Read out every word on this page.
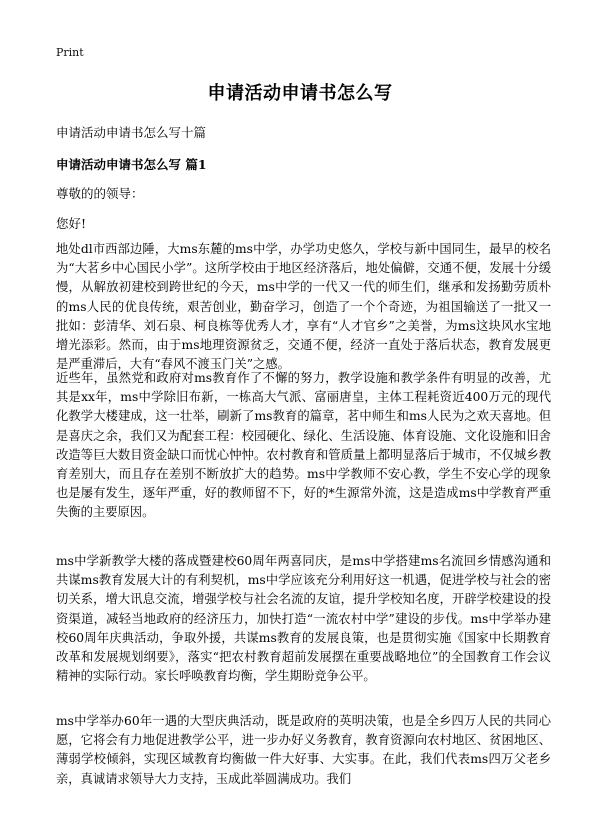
Print
申请活动申请书怎么写

申请活动申请书怎么写十篇

申请活动申请书怎么写 篇1

尊敬的的领导：

您好!

地处dl市西部边陲，大ms东麓的ms中学，办学功史悠久，学校与新中国同生，最早的校名为“大茗乡中心国民小学”。这所学校由于地区经济落后，地处偏僻，交通不便，发展十分缓慢，从解放初建校到跨世纪的今天，ms中学的一代又一代的师生们，继承和发扬勤劳质朴的ms人民的优良传统，艰苦创业，勤奋学习，创造了一个个奇迹，为祖国输送了一批又一批如：彭清华、刘石泉、柯良栋等优秀人才，享有“人才官乡”之美誉，为ms这块风水宝地增光添彩。然而，由于ms地理资源贫乏，交通不便，经济一直处于落后状态，教育发展更是严重滞后，大有“春风不渡玉门关”之感。

近些年，虽然党和政府对ms教育作了不懈的努力，教学设施和教学条件有明显的改善，尤其是xx年，ms中学除旧布新，一栋高大气派、富丽唐皇，主体工程耗资近400万元的现代化教学大楼建成，这一壮举，刷新了ms教育的篇章，茗中师生和ms人民为之欢天喜地。但是喜庆之余，我们又为配套工程：校园硬化、绿化、生活设施、体育设施、文化设施和旧舍改造等巨大数目资金缺口而忧心忡忡。农村教育和管质量上都明显落后于城市，不仅城乡教育差别大，而且存在差别不断放扩大的趋势。ms中学教师不安心教，学生不安心学的现象也是屡有发生，逐年严重，好的教师留不下，好的*生源常外流，这是造成ms中学教育严重失衡的主要原因。

ms中学新教学大楼的落成暨建校60周年两喜同庆，是ms中学搭建ms名流回乡情感沟通和共谋ms教育发展大计的有利契机，ms中学应该充分利用好这一机遇，促进学校与社会的密切关系，增大讯息交流，增强学校与社会名流的友谊，提升学校知名度，开辟学校建设的投资渠道，减轻当地政府的经济压力，加快打造“一流农村中学”建设的步伐。ms中学举办建校60周年庆典活动，争取外援，共谋ms教育的发展良策，也是贯彻实施《国家中长期教育改革和发展规划纲要》，落实“把农村教育超前发展摆在重要战略地位”的全国教育工作会议精神的实际行动。家长呼唤教育均衡，学生期盼竞争公平。

ms中学举办60年一遇的大型庆典活动，既是政府的英明决策，也是全乡四万人民的共同心愿，它将会有力地促进教学公平，进一步办好义务教育，教育资源向农村地区、贫困地区、薄弱学校倾斜，实现区域教育均衡做一件大好事、大实事。在此，我们代表ms四万父老乡亲，真诚请求领导大力支持，玉成此举圆满成功。我们
